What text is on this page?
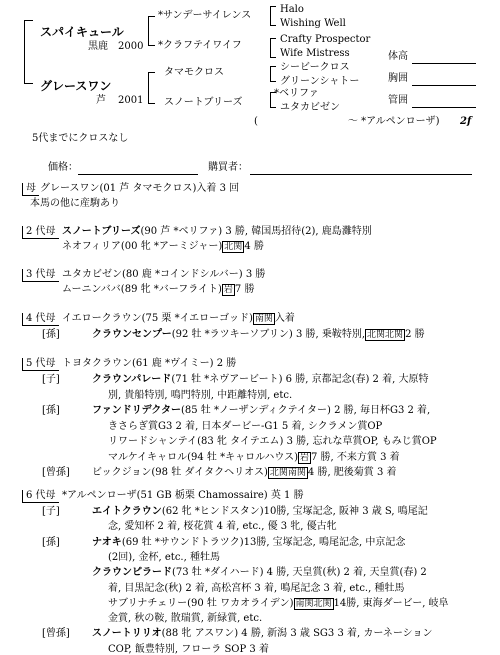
スパイキュール
黒鹿 2000
グレースワン
芦 2001
*サンデーサイレンス
*クラフテイワイフ
タマモクロス
スノートブリーズ
Halo
Wishing Well
Crafty Prospector
Wife Mistress
シービークロス
グリーンシャトー
*ベリファ
ユタカビゼン
体高
胸囲
管囲
(　　　　　　　　　～ *アルペンローザ) 2f
5代までにクロスなし
価格：	購買者：
母 グレースワン(01 芦 タマモクロス)入着 3 回
本馬の他に産駒あり
2 代母 スノートブリーズ(90 芦 *ベリファ) 3 勝, 韓国馬招待(2), 鹿島灘特別
ネオフィリア(00 牝 *アーミジャー) 北関 4 勝
3 代母 ユタカビゼン(80 鹿 *コインドシルバー) 3 勝
ムーニンババ(89 牝 *バーフライト) 岩 7 勝
4 代母 イエロークラウン(75 栗 *イエローゴッド) 南関 入着
[孫]	クラウンセンプー(92 牡 *ラツキーソブリン) 3 勝, 乗鞍特別, 北関北関 2 勝
5 代母 トヨタクラウン(61 鹿 *ヴイミー) 2 勝
[子]	クラウンパレード(71 牡 *ネヴアービート) 6 勝, 京都記念(春) 2 着, 大原特
別, 貴船特別, 鳴門特別, 中距離特別, etc.
[孫]	ファンドリデクター(85 牡 *ノーザンディクテイター) 2 勝, 毎日杯G3 2 着,
きさらぎ賞G3 2 着, 日本ダービー-G1 5 着, シクラメン賞OP
リワードシャンテイ(83 牝 タイテエム) 3 勝, 忘れな草賞OP, もみじ賞OP
マルケイキャロル(94 牡 *キャロルハウス) 岩 7 勝, 不来方賞 3 着
[曾孫] ビックジョン(98 牡 ダイタクヘリオス) 北関南関 4 勝, 肥後菊賞 3 着
6 代母 *アルペンローザ(51 GB 栃栗 Chamossaire) 英 1 勝
[子]	エイトクラウン(62 牝 *ヒンドスタン)10勝, 宝塚記念, 阪神 3 歳 S, 鳴尾記
念, 愛知杯 2 着, 桜花賞 4 着, etc., 優 3 牝, 優古牝
[孫]	ナオキ(69 牡 *サウンドトラツク)13勝, 宝塚記念, 鳴尾記念, 中京記念
(2回), 金杯, etc., 種牡馬
クラウンピラード(73 牡 *ダイハード) 4 勝, 天皇賞(秋) 2 着, 天皇賞(春) 2
着, 目黒記念(秋) 2 着, 高松宮杯 3 着, 鳴尾記念 3 着, etc., 種牡馬
サブリナチェリー(90 牡 ワカオライデン) 南関北関 14勝, 東海ダービー, 岐阜
金賞, 秋の鞍, 散瑞賞, 新緑賞, etc.
[曾孫] スノートリリオ(88 牝 アスワン) 4 勝, 新潟 3 歳 SG3 3 着, カーネーション
COP, 飯豊特別, フローラ SOP 3 着
